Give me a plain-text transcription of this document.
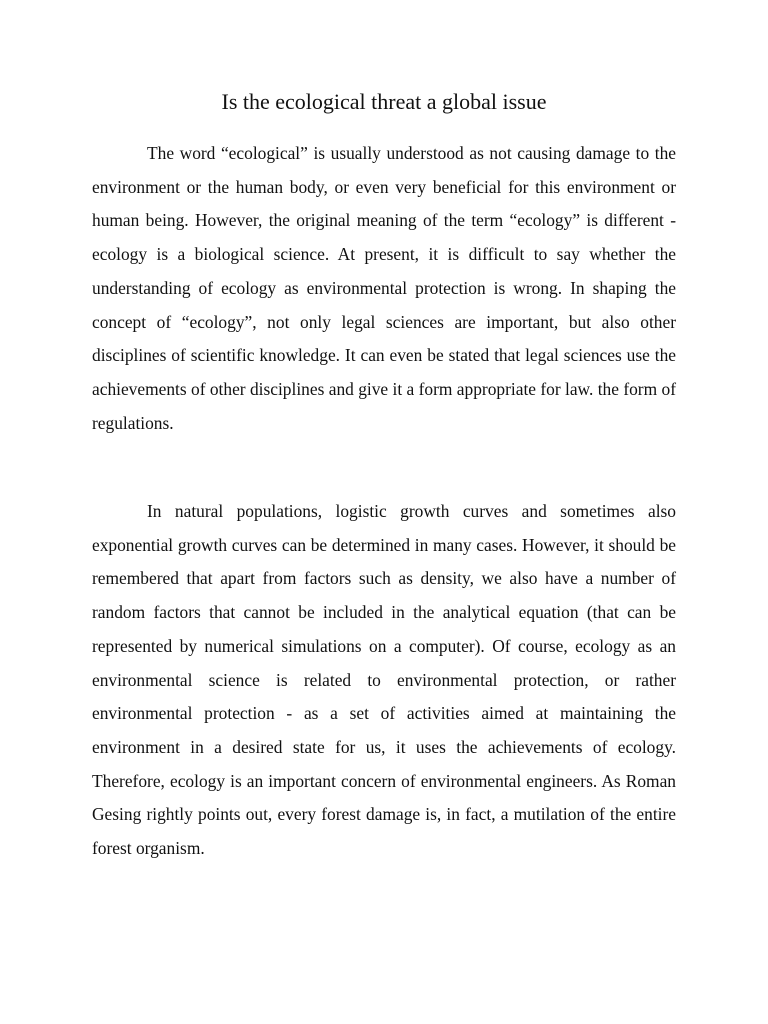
Is the ecological threat a global issue

The word “ecological” is usually understood as not causing damage to the environment or the human body, or even very beneficial for this environment or human being. However, the original meaning of the term “ecology” is different - ecology is a biological science. At present, it is difficult to say whether the understanding of ecology as environmental protection is wrong. In shaping the concept of “ecology”, not only legal sciences are important, but also other disciplines of scientific knowledge. It can even be stated that legal sciences use the achievements of other disciplines and give it a form appropriate for law. the form of regulations.

In natural populations, logistic growth curves and sometimes also exponential growth curves can be determined in many cases. However, it should be remembered that apart from factors such as density, we also have a number of random factors that cannot be included in the analytical equation (that can be represented by numerical simulations on a computer). Of course, ecology as an environmental science is related to environmental protection, or rather environmental protection - as a set of activities aimed at maintaining the environment in a desired state for us, it uses the achievements of ecology. Therefore, ecology is an important concern of environmental engineers. As Roman Gesing rightly points out, every forest damage is, in fact, a mutilation of the entire forest organism.
